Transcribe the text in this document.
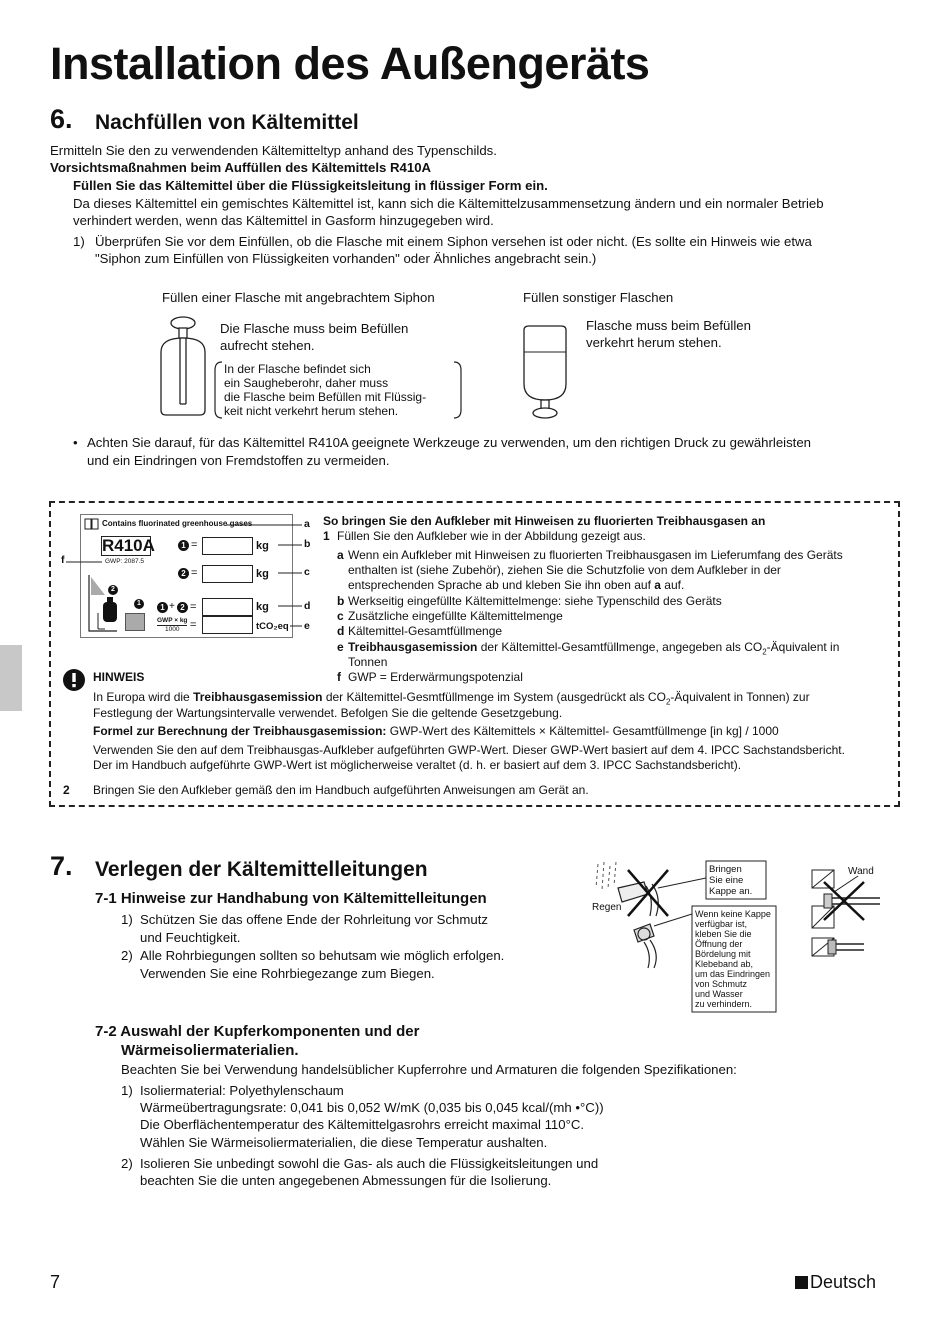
Installation des Außengeräts
6. Nachfüllen von Kältemittel
Ermitteln Sie den zu verwendenden Kältemitteltyp anhand des Typenschilds.
Vorsichtsmaßnahmen beim Auffüllen des Kältemittels R410A
Füllen Sie das Kältemittel über die Flüssigkeitsleitung in flüssiger Form ein.
Da dieses Kältemittel ein gemischtes Kältemittel ist, kann sich die Kältemittelzusammensetzung ändern und ein normaler Betrieb
verhindert werden, wenn das Kältemittel in Gasform hinzugegeben wird.
1) Überprüfen Sie vor dem Einfüllen, ob die Flasche mit einem Siphon versehen ist oder nicht. (Es sollte ein Hinweis wie etwa
"Siphon zum Einfüllen von Flüssigkeiten vorhanden" oder Ähnliches angebracht sein.)
Füllen einer Flasche mit angebrachtem Siphon	Füllen sonstiger Flaschen
Die Flasche muss beim Befüllen
aufrecht stehen.
In der Flasche befindet sich
ein Saugheberohr, daher muss
die Flasche beim Befüllen mit Flüssig-
keit nicht verkehrt herum stehen.
Flasche muss beim Befüllen
verkehrt herum stehen.
• Achten Sie darauf, für das Kältemittel R410A geeignete Werkzeuge zu verwenden, um den richtigen Druck zu gewährleisten
und ein Eindringen von Fremdstoffen zu vermeiden.
Contains fluorinated greenhouse gases
R410A
GWP: 2087.5
1 =	kg
2 =	kg
2
1	1 + 2 =	kg
GWP × kg
1000 =	tCO₂eq
a
b
c
d
e
f
So bringen Sie den Aufkleber mit Hinweisen zu fluorierten Treibhausgasen an
1 Füllen Sie den Aufkleber wie in der Abbildung gezeigt aus.
a Wenn ein Aufkleber mit Hinweisen zu fluorierten Treibhausgasen im Lieferumfang des Geräts
enthalten ist (siehe Zubehör), ziehen Sie die Schutzfolie von dem Aufkleber in der
entsprechenden Sprache ab und kleben Sie ihn oben auf a auf.
b Werkseitig eingefüllte Kältemittelmenge: siehe Typenschild des Geräts
c Zusätzliche eingefüllte Kältemittelmenge
d Kältemittel-Gesamtfüllmenge
e Treibhausgasemission der Kältemittel-Gesamtfüllmenge, angegeben als $CO_2$-Äquivalent in
Tonnen
f GWP = Erderwärmungspotenzial
HINWEIS
In Europa wird die Treibhausgasemission der Kältemittel-Gesmtfüllmenge im System (ausgedrückt als $CO_2$-Äquivalent in Tonnen) zur
Festlegung der Wartungsintervalle verwendet. Befolgen Sie die geltende Gesetzgebung.
Formel zur Berechnung der Treibhausgasemission: GWP-Wert des Kältemittels × Kältemittel- Gesamtfüllmenge [in kg] / 1000
Verwenden Sie den auf dem Treibhausgas-Aufkleber aufgeführten GWP-Wert. Dieser GWP-Wert basiert auf dem 4. IPCC Sachstandsbericht.
Der im Handbuch aufgeführte GWP-Wert ist möglicherweise veraltet (d. h. er basiert auf dem 3. IPCC Sachstandsbericht).
2 Bringen Sie den Aufkleber gemäß den im Handbuch aufgeführten Anweisungen am Gerät an.
7. Verlegen der Kältemittelleitungen
7-1 Hinweise zur Handhabung von Kältemittelleitungen
1) Schützen Sie das offene Ende der Rohrleitung vor Schmutz
und Feuchtigkeit.
2) Alle Rohrbiegungen sollten so behutsam wie möglich erfolgen.
Verwenden Sie eine Rohrbiegezange zum Biegen.
Regen
Wand
Bringen
Sie eine
Kappe an.
Wenn keine Kappe
verfügbar ist,
kleben Sie die
Öffnung der
Bördelung mit
Klebeband ab,
um das Eindringen
von Schmutz
und Wasser
zu verhindern.
7-2 Auswahl der Kupferkomponenten und der
Wärmeisoliermaterialien.
Beachten Sie bei Verwendung handelsüblicher Kupferrohre und Armaturen die folgenden Spezifikationen:
1) Isoliermaterial: Polyethylenschaum
Wärmeübertragungsrate: 0,041 bis 0,052 W/mK (0,035 bis 0,045 kcal/(mh •°C))
Die Oberflächentemperatur des Kältemittelgasrohrs erreicht maximal 110°C.
Wählen Sie Wärmeisoliermaterialien, die diese Temperatur aushalten.
2) Isolieren Sie unbedingt sowohl die Gas- als auch die Flüssigkeitsleitungen und
beachten Sie die unten angegebenen Abmessungen für die Isolierung.
7	Deutsch
